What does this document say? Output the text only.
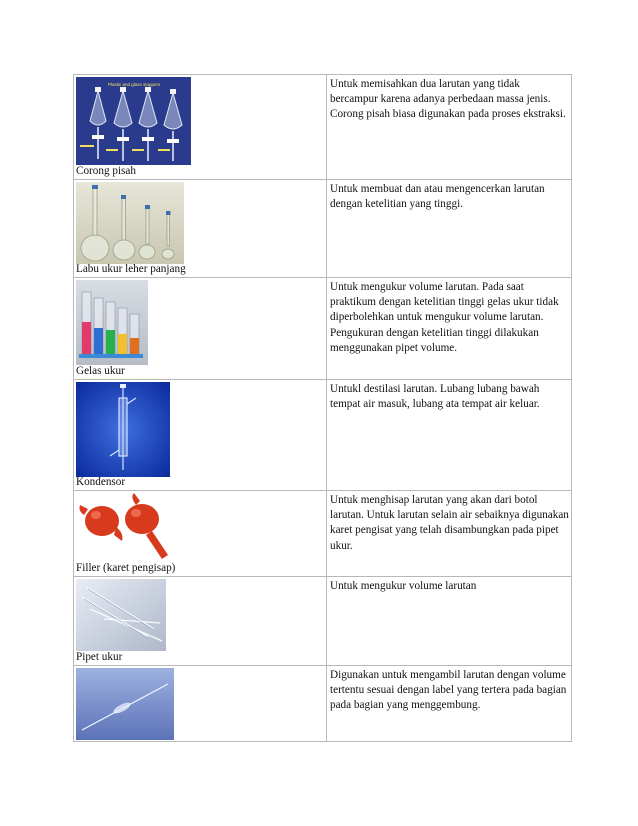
Plastic and glass stoppers
Corong pisah	Untuk memisahkan dua larutan yang tidak bercampur karena adanya perbedaan massa jenis. Corong pisah biasa digunakan pada proses ekstraksi.

Labu ukur leher panjang	Untuk membuat dan atau mengencerkan larutan dengan ketelitian yang tinggi.

Gelas ukur	Untuk mengukur volume larutan. Pada saat praktikum dengan ketelitian tinggi gelas ukur tidak diperbolehkan untuk mengukur volume larutan. Pengukuran dengan ketelitian tinggi dilakukan menggunakan pipet volume.

Kondensor	Untukl destilasi larutan. Lubang lubang bawah tempat air masuk, lubang ata tempat air keluar.

Filler (karet pengisap)	Untuk menghisap larutan yang akan dari botol larutan. Untuk larutan selain air sebaiknya digunakan karet pengisat yang telah disambungkan pada pipet ukur.

Pipet ukur	Untuk mengukur volume larutan

	Digunakan untuk mengambil larutan dengan volume tertentu sesuai dengan label yang tertera pada bagian pada bagian yang menggembung.
